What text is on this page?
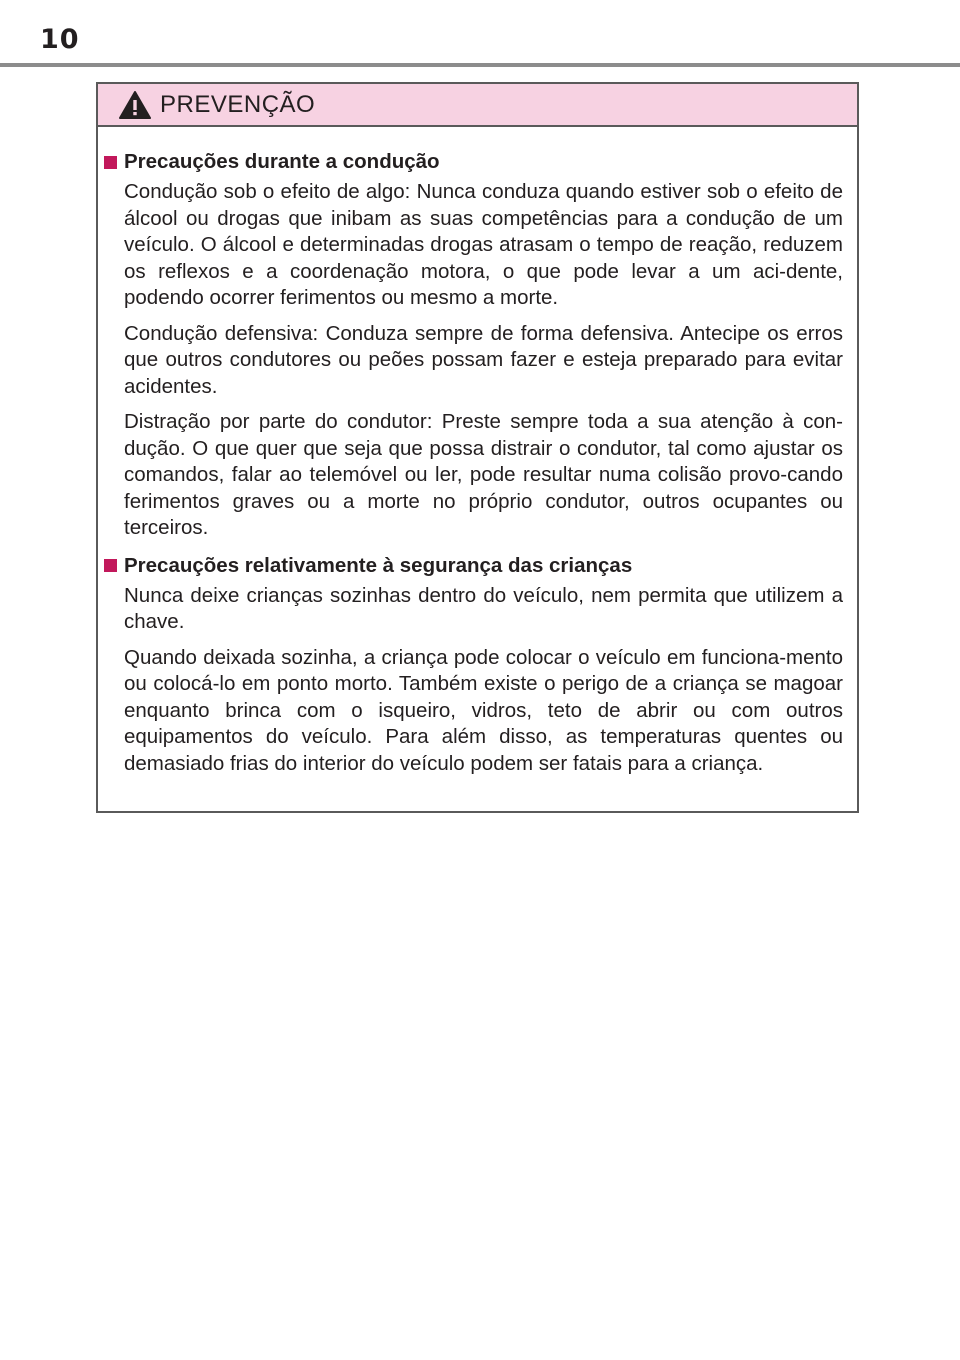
10
PREVENÇÃO
Precauções durante a condução

Condução sob o efeito de algo: Nunca conduza quando estiver sob o efeito de álcool ou drogas que inibam as suas competências para a condução de um veículo. O álcool e determinadas drogas atrasam o tempo de reação, reduzem os reflexos e a coordenação motora, o que pode levar a um aci-dente, podendo ocorrer ferimentos ou mesmo a morte.

Condução defensiva: Conduza sempre de forma defensiva. Antecipe os erros que outros condutores ou peões possam fazer e esteja preparado para evitar acidentes.

Distração por parte do condutor: Preste sempre toda a sua atenção à con-dução. O que quer que seja que possa distrair o condutor, tal como ajustar os comandos, falar ao telemóvel ou ler, pode resultar numa colisão provo-cando ferimentos graves ou a morte no próprio condutor, outros ocupantes ou terceiros.

Precauções relativamente à segurança das crianças

Nunca deixe crianças sozinhas dentro do veículo, nem permita que utilizem a chave.

Quando deixada sozinha, a criança pode colocar o veículo em funciona-mento ou colocá-lo em ponto morto. Também existe o perigo de a criança se magoar enquanto brinca com o isqueiro, vidros, teto de abrir ou com outros equipamentos do veículo. Para além disso, as temperaturas quentes ou demasiado frias do interior do veículo podem ser fatais para a criança.
